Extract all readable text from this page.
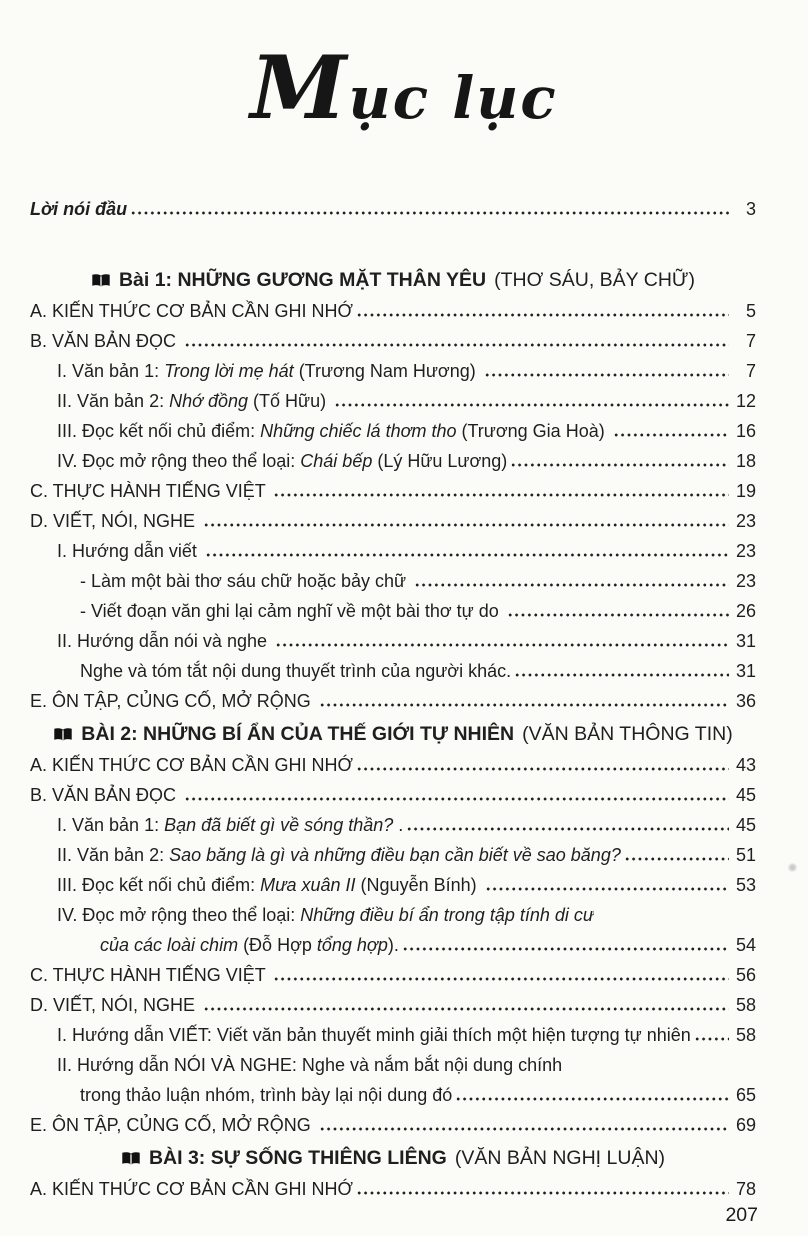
Mục lục
Lời nói đầu	3
Bài 1: NHỮNG GƯƠNG MẶT THÂN YÊU (THƠ SÁU, BẢY CHỮ)
A. KIẾN THỨC CƠ BẢN CẦN GHI NHỚ	5
B. VĂN BẢN ĐỌC	7
I. Văn bản 1: Trong lời mẹ hát (Trương Nam Hương)	7
II. Văn bản 2: Nhớ đồng (Tố Hữu)	12
III. Đọc kết nối chủ điểm: Những chiếc lá thơm tho (Trương Gia Hoà)	16
IV. Đọc mở rộng theo thể loại: Chái bếp (Lý Hữu Lương)	18
C. THỰC HÀNH TIẾNG VIỆT	19
D. VIẾT, NÓI, NGHE	23
I. Hướng dẫn viết	23
- Làm một bài thơ sáu chữ hoặc bảy chữ	23
- Viết đoạn văn ghi lại cảm nghĩ về một bài thơ tự do	26
II. Hướng dẫn nói và nghe	31
Nghe và tóm tắt nội dung thuyết trình của người khác.	31
E. ÔN TẬP, CỦNG CỐ, MỞ RỘNG	36
BÀI 2: NHỮNG BÍ ẨN CỦA THẾ GIỚI TỰ NHIÊN (VĂN BẢN THÔNG TIN)
A. KIẾN THỨC CƠ BẢN CẦN GHI NHỚ	43
B. VĂN BẢN ĐỌC	45
I. Văn bản 1: Bạn đã biết gì về sóng thần? .	45
II. Văn bản 2: Sao băng là gì và những điều bạn cần biết về sao băng?	51
III. Đọc kết nối chủ điểm: Mưa xuân II (Nguyễn Bính)	53
IV. Đọc mở rộng theo thể loại: Những điều bí ẩn trong tập tính di cư
của các loài chim (Đỗ Hợp tổng hợp).	54
C. THỰC HÀNH TIẾNG VIỆT	56
D. VIẾT, NÓI, NGHE	58
I. Hướng dẫn VIẾT: Viết văn bản thuyết minh giải thích một hiện tượng tự nhiên	58
II. Hướng dẫn NÓI VÀ NGHE: Nghe và nắm bắt nội dung chính
trong thảo luận nhóm, trình bày lại nội dung đó	65
E. ÔN TẬP, CỦNG CỐ, MỞ RỘNG	69
BÀI 3: SỰ SỐNG THIÊNG LIÊNG (VĂN BẢN NGHỊ LUẬN)
A. KIẾN THỨC CƠ BẢN CẦN GHI NHỚ	78
207
